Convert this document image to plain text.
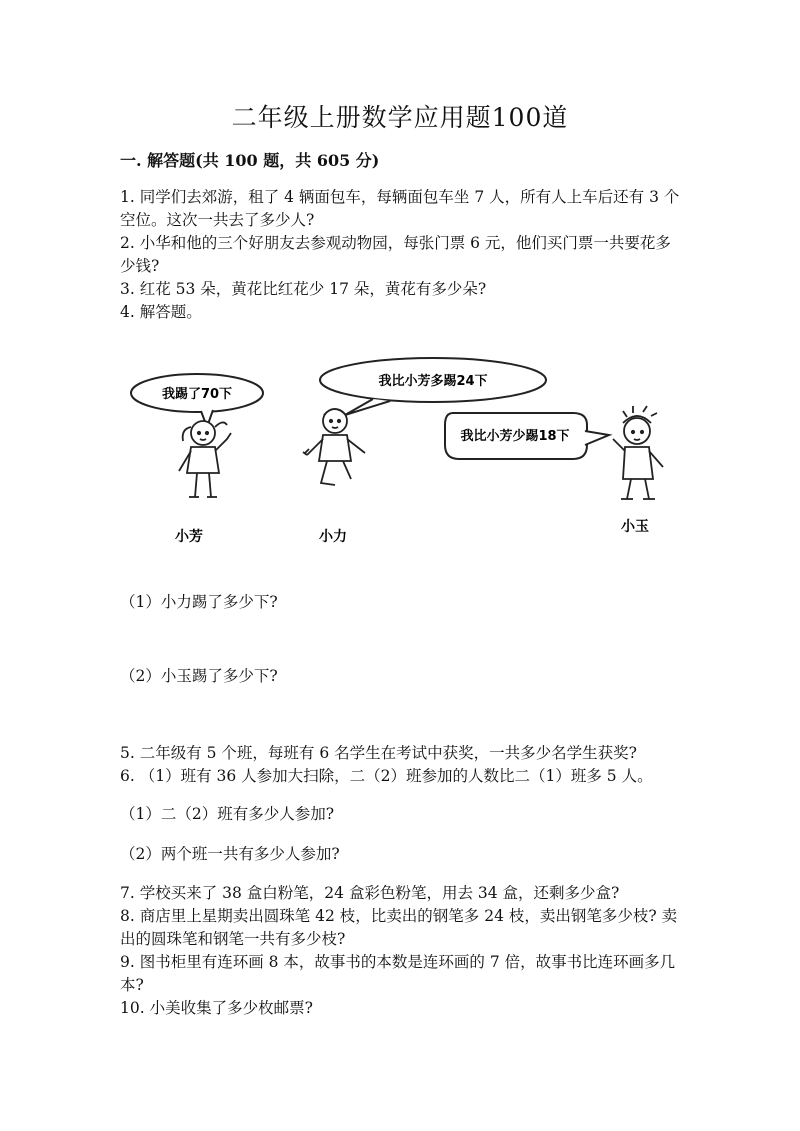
二年级上册数学应用题100道
一. 解答题(共 100 题，共 605 分)
1. 同学们去郊游，租了 4 辆面包车，每辆面包车坐 7 人，所有人上车后还有 3 个空位。这次一共去了多少人?
2. 小华和他的三个好朋友去参观动物园，每张门票 6 元，他们买门票一共要花多少钱?
3. 红花 53 朵，黄花比红花少 17 朵，黄花有多少朵?
4. 解答题。
我踢了70下
我比小芳多踢24下
我比小芳少踢18下
小芳	小力
小玉
（1）小力踢了多少下?
（2）小玉踢了多少下?
5. 二年级有 5 个班，每班有 6 名学生在考试中获奖，一共多少名学生获奖?
6. （1）班有 36 人参加大扫除，二（2）班参加的人数比二（1）班多 5 人。
（1）二（2）班有多少人参加?
（2）两个班一共有多少人参加?
7. 学校买来了 38 盒白粉笔，24 盒彩色粉笔，用去 34 盒，还剩多少盒?
8. 商店里上星期卖出圆珠笔 42 枝，比卖出的钢笔多 24 枝，卖出钢笔多少枝? 卖出的圆珠笔和钢笔一共有多少枝?
9. 图书柜里有连环画 8 本，故事书的本数是连环画的 7 倍，故事书比连环画多几本?
10. 小美收集了多少枚邮票?
